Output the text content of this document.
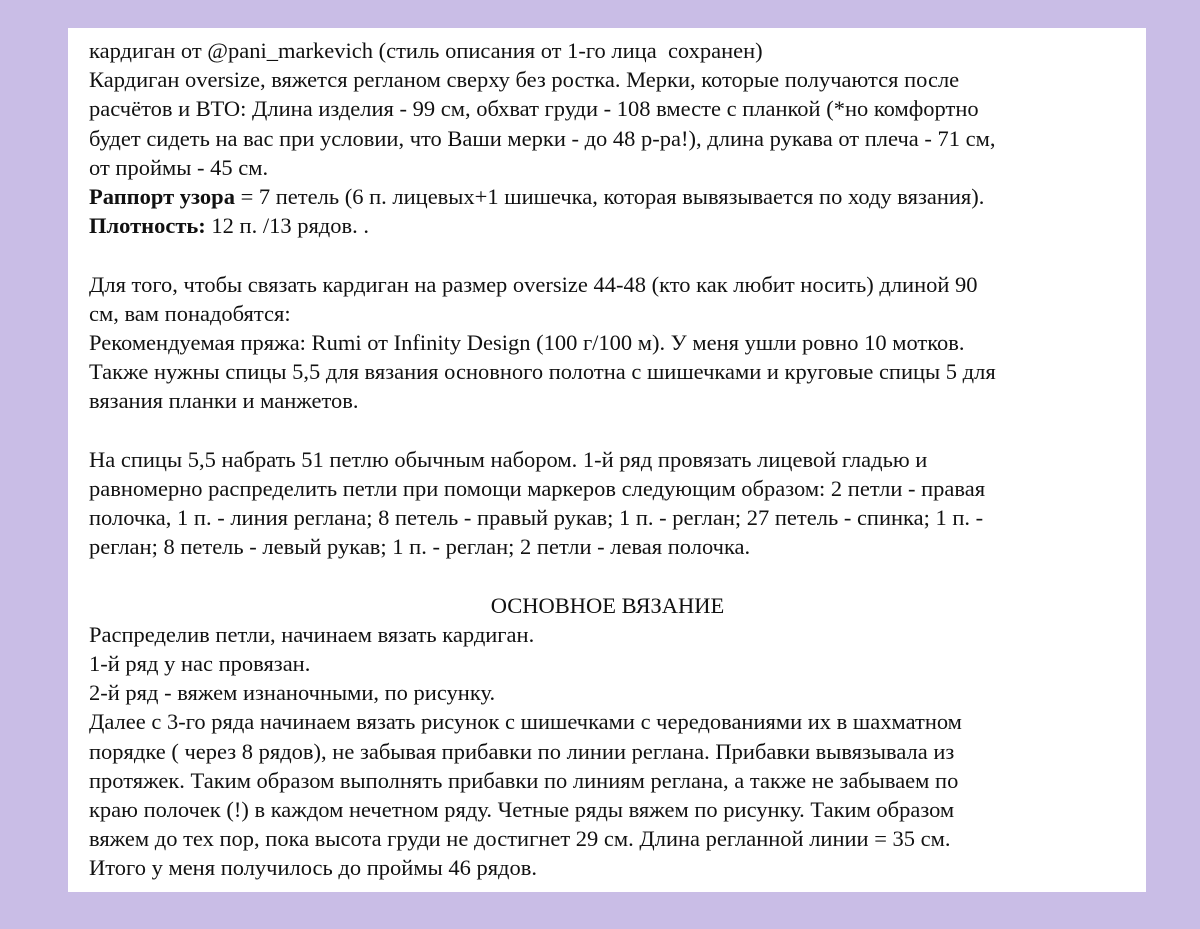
кардиган от @pani_markevich (стиль описания от 1-го лица  сохранен)
Кардиган oversize, вяжется регланом сверху без ростка. Мерки, которые получаются после
расчётов и ВТО: Длина изделия - 99 см, обхват груди - 108 вместе с планкой (*но комфортно
будет сидеть на вас при условии, что Ваши мерки - до 48 р-ра!), длина рукава от плеча - 71 см,
от проймы - 45 см.
Раппорт узора = 7 петель (6 п. лицевых+1 шишечка, которая вывязывается по ходу вязания).
Плотность: 12 п. /13 рядов. .
Для того, чтобы связать кардиган на размер oversize 44-48 (кто как любит носить) длиной 90
см, вам понадобятся:
Рекомендуемая пряжа: Rumi от Infinity Design (100 г/100 м). У меня ушли ровно 10 мотков.
Также нужны спицы 5,5 для вязания основного полотна с шишечками и круговые спицы 5 для
вязания планки и манжетов.
На спицы 5,5 набрать 51 петлю обычным набором. 1-й ряд провязать лицевой гладью и
равномерно распределить петли при помощи маркеров следующим образом: 2 петли - правая
полочка, 1 п. - линия реглана; 8 петель - правый рукав; 1 п. - реглан; 27 петель - спинка; 1 п. -
реглан; 8 петель - левый рукав; 1 п. - реглан; 2 петли - левая полочка.
ОСНОВНОЕ ВЯЗАНИЕ
Распределив петли, начинаем вязать кардиган.
1-й ряд у нас провязан.
2-й ряд - вяжем изнаночными, по рисунку.
Далее с 3-го ряда начинаем вязать рисунок с шишечками с чередованиями их в шахматном
порядке ( через 8 рядов), не забывая прибавки по линии реглана. Прибавки вывязывала из
протяжек. Таким образом выполнять прибавки по линиям реглана, а также не забываем по
краю полочек (!) в каждом нечетном ряду. Четные ряды вяжем по рисунку. Таким образом
вяжем до тех пор, пока высота груди не достигнет 29 см. Длина регланной линии = 35 см.
Итого у меня получилось до проймы 46 рядов.
